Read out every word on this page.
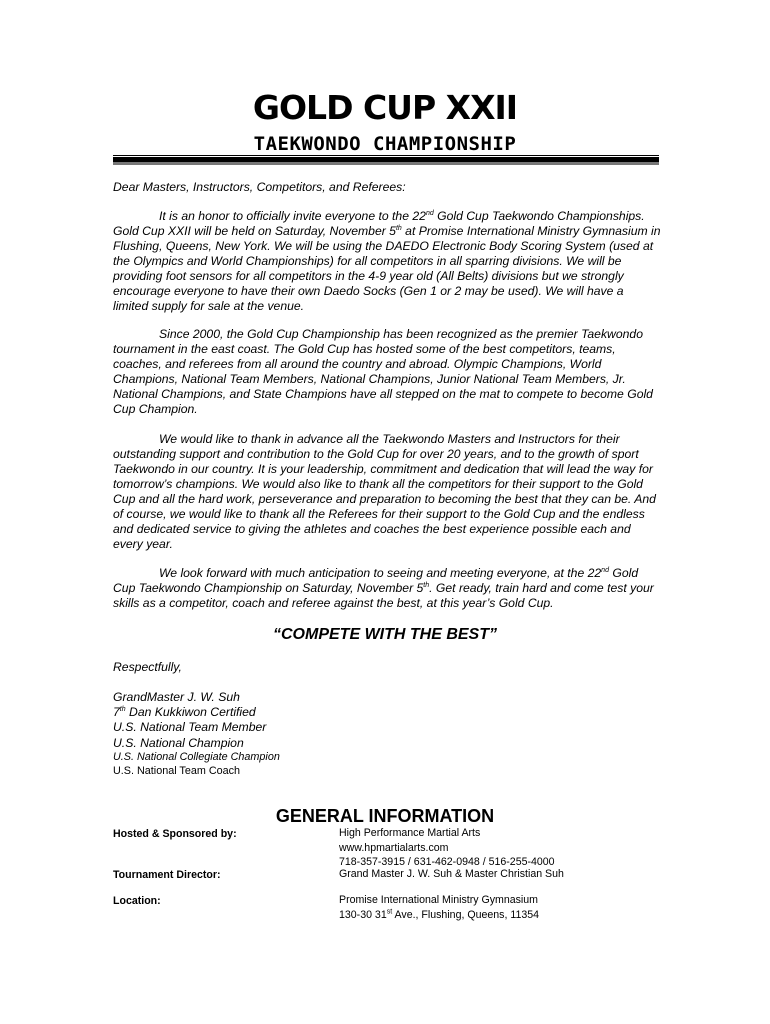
GOLD CUP XXII
TAEKWONDO CHAMPIONSHIP
Dear Masters, Instructors, Competitors, and Referees:
It is an honor to officially invite everyone to the 22nd Gold Cup Taekwondo Championships. Gold Cup XXII will be held on Saturday, November 5th at Promise International Ministry Gymnasium in Flushing, Queens, New York. We will be using the DAEDO Electronic Body Scoring System (used at the Olympics and World Championships) for all competitors in all sparring divisions. We will be providing foot sensors for all competitors in the 4-9 year old (All Belts) divisions but we strongly encourage everyone to have their own Daedo Socks (Gen 1 or 2 may be used). We will have a limited supply for sale at the venue.
Since 2000, the Gold Cup Championship has been recognized as the premier Taekwondo tournament in the east coast. The Gold Cup has hosted some of the best competitors, teams, coaches, and referees from all around the country and abroad. Olympic Champions, World Champions, National Team Members, National Champions, Junior National Team Members, Jr. National Champions, and State Champions have all stepped on the mat to compete to become Gold Cup Champion.
We would like to thank in advance all the Taekwondo Masters and Instructors for their outstanding support and contribution to the Gold Cup for over 20 years, and to the growth of sport Taekwondo in our country. It is your leadership, commitment and dedication that will lead the way for tomorrow’s champions. We would also like to thank all the competitors for their support to the Gold Cup and all the hard work, perseverance and preparation to becoming the best that they can be. And of course, we would like to thank all the Referees for their support to the Gold Cup and the endless and dedicated service to giving the athletes and coaches the best experience possible each and every year.
We look forward with much anticipation to seeing and meeting everyone, at the 22nd Gold Cup Taekwondo Championship on Saturday, November 5th. Get ready, train hard and come test your skills as a competitor, coach and referee against the best, at this year’s Gold Cup.
“COMPETE WITH THE BEST”
Respectfully,
GrandMaster J. W. Suh
7th Dan Kukkiwon Certified
U.S. National Team Member
U.S. National Champion
U.S. National Collegiate Champion
U.S. National Team Coach
GENERAL INFORMATION
Hosted & Sponsored by:	High Performance Martial Arts
www.hpmartialarts.com
718-357-3915 / 631-462-0948 / 516-255-4000
Tournament Director:	Grand Master J. W. Suh & Master Christian Suh
Location:	Promise International Ministry Gymnasium
130-30 31st Ave., Flushing, Queens, 11354
